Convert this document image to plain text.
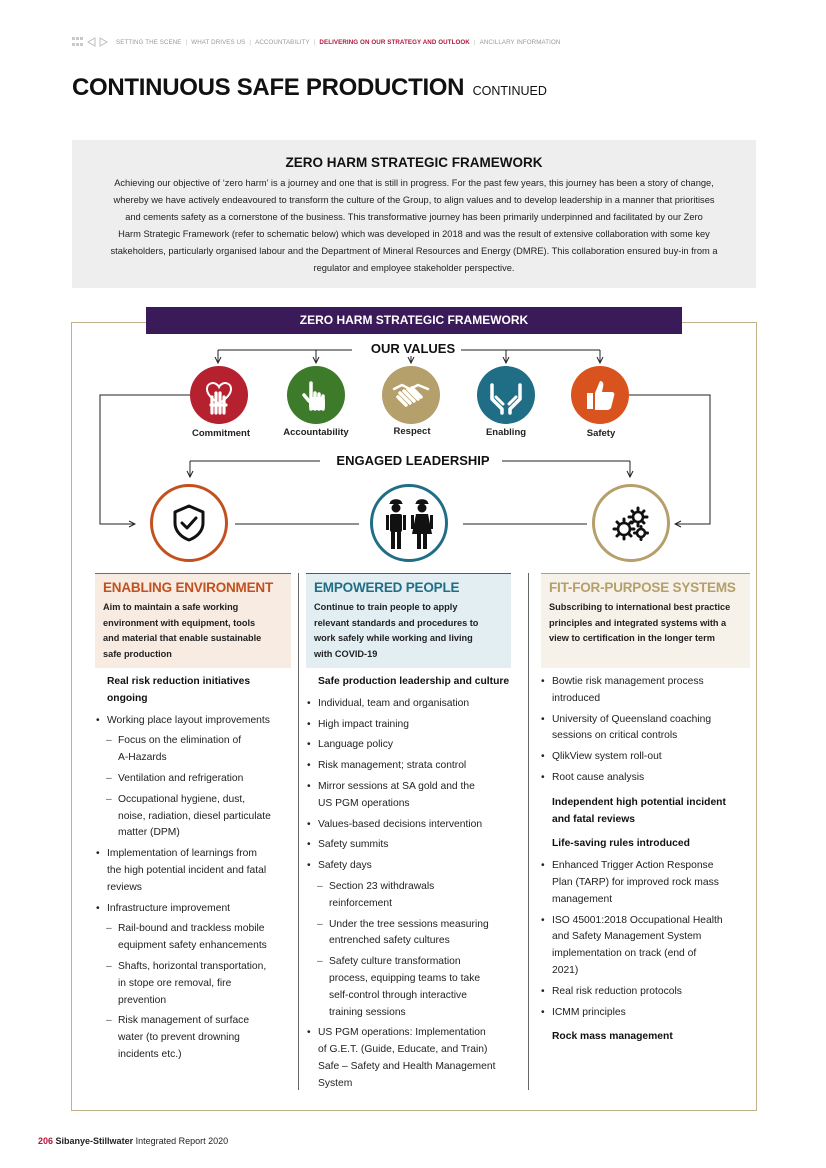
SETTING THE SCENE | WHAT DRIVES US | ACCOUNTABILITY | DELIVERING ON OUR STRATEGY AND OUTLOOK | ANCILLARY INFORMATION
CONTINUOUS SAFE PRODUCTION CONTINUED
ZERO HARM STRATEGIC FRAMEWORK

Achieving our objective of ‘zero harm’ is a journey and one that is still in progress. For the past few years, this journey has been a story of change,
whereby we have actively endeavoured to transform the culture of the Group, to align values and to develop leadership in a manner that prioritises
and cements safety as a cornerstone of the business. This transformative journey has been primarily underpinned and facilitated by our Zero
Harm Strategic Framework (refer to schematic below) which was developed in 2018 and was the result of extensive collaboration with some key
stakeholders, particularly organised labour and the Department of Mineral Resources and Energy (DMRE). This collaboration ensured buy-in from a
regulator and employee stakeholder perspective.

ZERO HARM STRATEGIC FRAMEWORK
OUR VALUES
Commitment	Accountability	Respect	Enabling	Safety
ENGAGED LEADERSHIP
ENABLING ENVIRONMENT
Aim to maintain a safe working
environment with equipment, tools
and material that enable sustainable
safe production
EMPOWERED PEOPLE
Continue to train people to apply
relevant standards and procedures to
work safely while working and living
with COVID-19
FIT-FOR-PURPOSE SYSTEMS
Subscribing to international best practice
principles and integrated systems with a
view to certification in the longer term
Real risk reduction initiatives
ongoing
• Working place layout improvements
– Focus on the elimination of
A-Hazards
– Ventilation and refrigeration
– Occupational hygiene, dust,
noise, radiation, diesel particulate
matter (DPM)
• Implementation of learnings from
the high potential incident and fatal
reviews
• Infrastructure improvement
– Rail-bound and trackless mobile
equipment safety enhancements
– Shafts, horizontal transportation,
in stope ore removal, fire
prevention
– Risk management of surface
water (to prevent drowning
incidents etc.)
Safe production leadership and culture
• Individual, team and organisation
• High impact training
• Language policy
• Risk management; strata control
• Mirror sessions at SA gold and the
US PGM operations
• Values-based decisions intervention
• Safety summits
• Safety days
– Section 23 withdrawals
reinforcement
– Under the tree sessions measuring
entrenched safety cultures
– Safety culture transformation
process, equipping teams to take
self-control through interactive
training sessions
• US PGM operations: Implementation
of G.E.T. (Guide, Educate, and Train)
Safe – Safety and Health Management
System
• Bowtie risk management process
introduced
• University of Queensland coaching
sessions on critical controls
• QlikView system roll-out
• Root cause analysis
Independent high potential incident
and fatal reviews
Life-saving rules introduced
• Enhanced Trigger Action Response
Plan (TARP) for improved rock mass
management
• ISO 45001:2018 Occupational Health
and Safety Management System
implementation on track (end of
2021)
• Real risk reduction protocols
• ICMM principles
Rock mass management
206 Sibanye-Stillwater Integrated Report 2020
